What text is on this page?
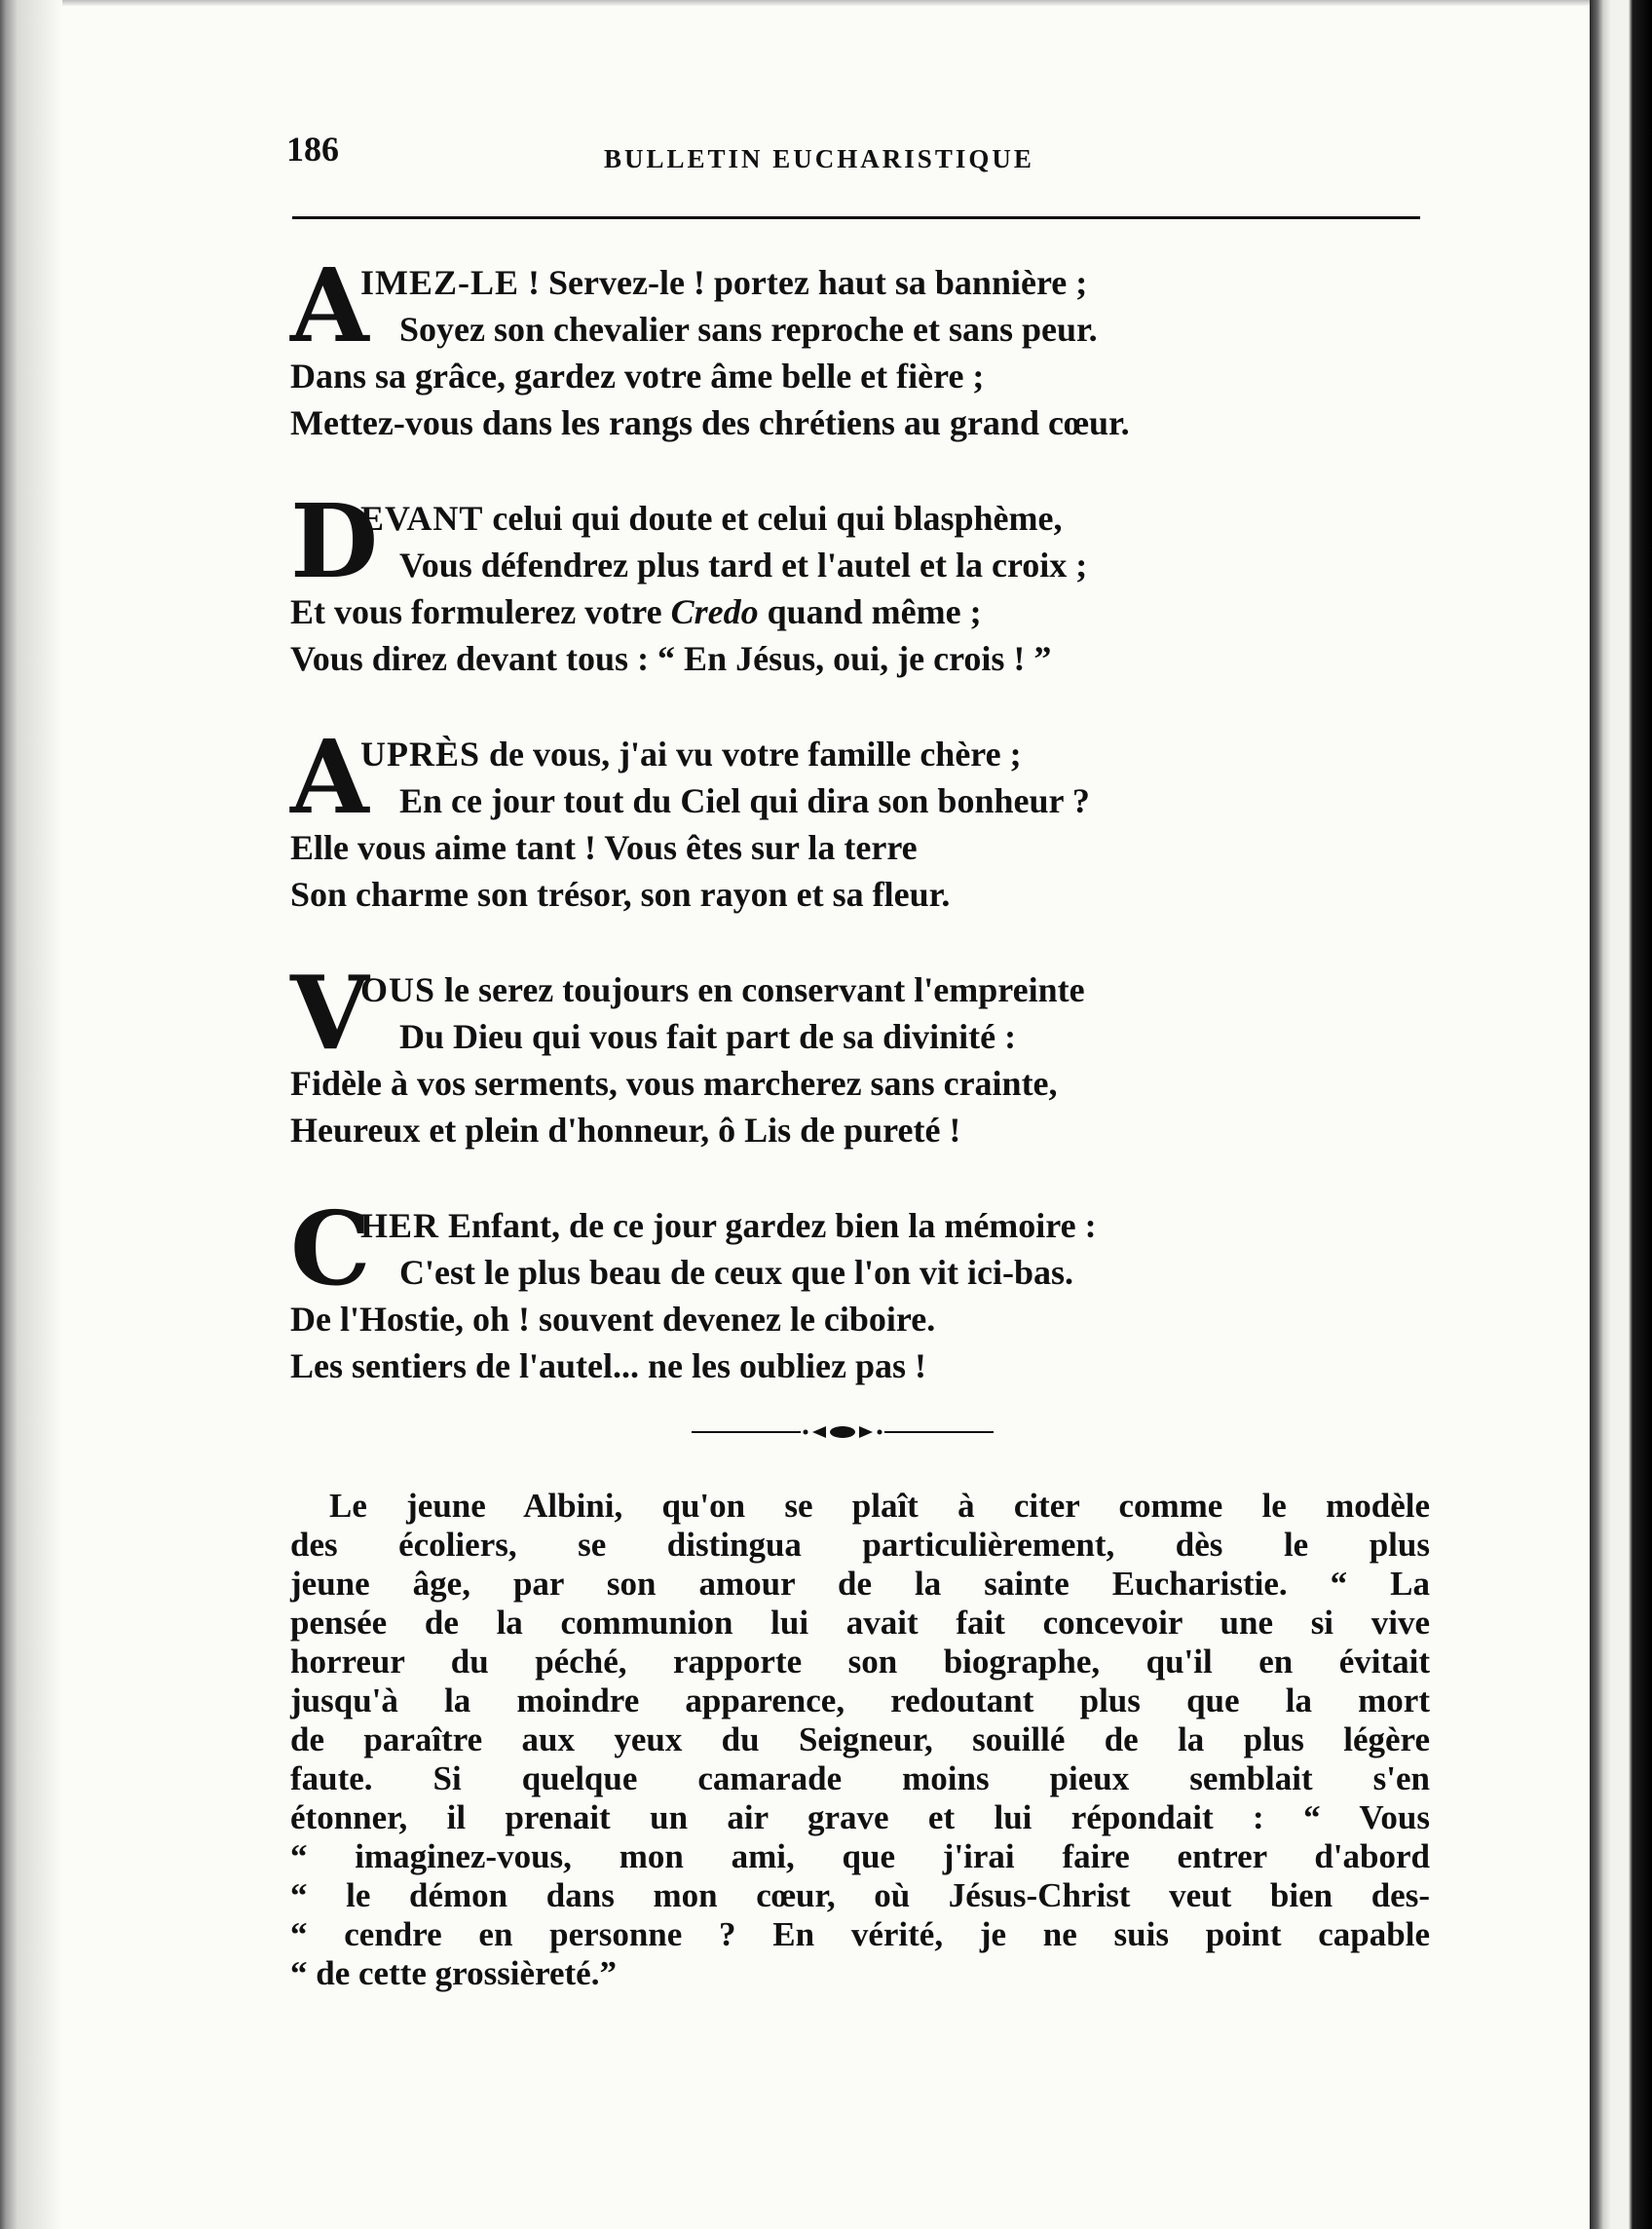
186	BULLETIN EUCHARISTIQUE
A
IMEZ-LE ! Servez-le ! portez haut sa bannière ;
Soyez son chevalier sans reproche et sans peur.
Dans sa grâce, gardez votre âme belle et fière ;
Mettez-vous dans les rangs des chrétiens au grand cœur.
D
EVANT celui qui doute et celui qui blasphème,
Vous défendrez plus tard et l'autel et la croix ;
Et vous formulerez votre Credo quand même ;
Vous direz devant tous : “ En Jésus, oui, je crois ! ”
A
UPRÈS de vous, j'ai vu votre famille chère ;
En ce jour tout du Ciel qui dira son bonheur ?
Elle vous aime tant ! Vous êtes sur la terre
Son charme son trésor, son rayon et sa fleur.
V
OUS le serez toujours en conservant l'empreinte
Du Dieu qui vous fait part de sa divinité :
Fidèle à vos serments, vous marcherez sans crainte,
Heureux et plein d'honneur, ô Lis de pureté !
C
HER Enfant, de ce jour gardez bien la mémoire :
C'est le plus beau de ceux que l'on vit ici-bas.
De l'Hostie, oh ! souvent devenez le ciboire.
Les sentiers de l'autel... ne les oubliez pas !
Le jeune Albini, qu'on se plaît à citer comme le modèle
des écoliers, se distingua particulièrement, dès le plus
jeune âge, par son amour de la sainte Eucharistie. “ La
pensée de la communion lui avait fait concevoir une si vive
horreur du péché, rapporte son biographe, qu'il en évitait
jusqu'à la moindre apparence, redoutant plus que la mort
de paraître aux yeux du Seigneur, souillé de la plus légère
faute. Si quelque camarade moins pieux semblait s'en
étonner, il prenait un air grave et lui répondait : “ Vous
“ imaginez-vous, mon ami, que j'irai faire entrer d'abord
“ le démon dans mon cœur, où Jésus-Christ veut bien des-
“ cendre en personne ? En vérité, je ne suis point capable
“ de cette grossièreté.”
